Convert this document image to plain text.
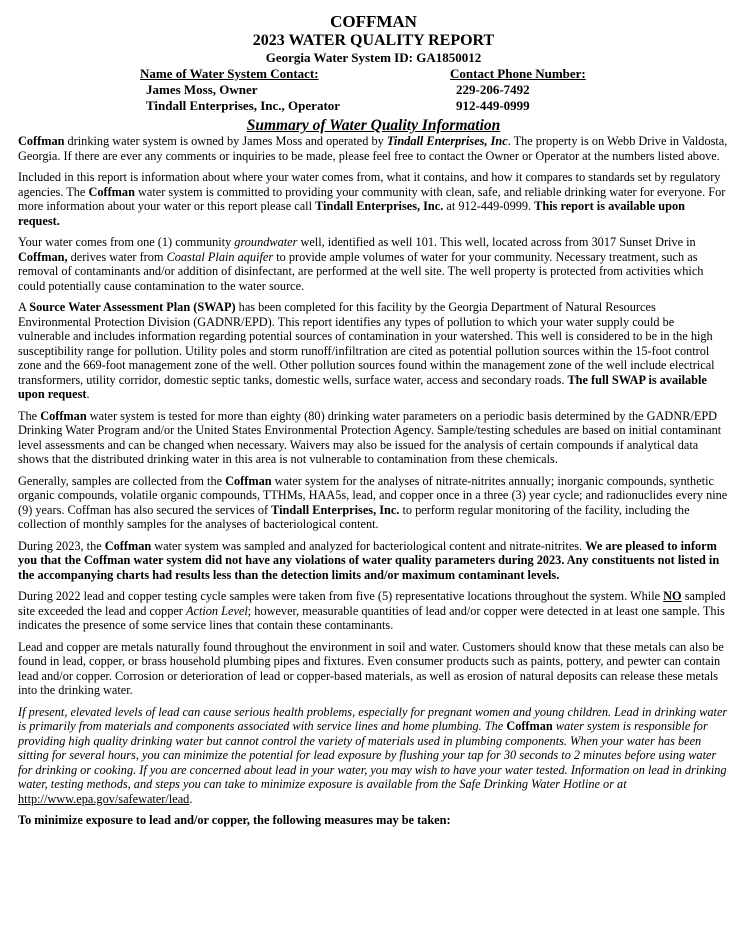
COFFMAN
2023 WATER QUALITY REPORT
Georgia Water System ID: GA1850012
Name of Water System Contact:	Contact Phone Number:
James Moss, Owner	229-206-7492
Tindall Enterprises, Inc., Operator	912-449-0999
Summary of Water Quality Information

Coffman drinking water system is owned by James Moss and operated by Tindall Enterprises, Inc. The property is on Webb Drive in Valdosta, Georgia. If there are ever any comments or inquiries to be made, please feel free to contact the Owner or Operator at the numbers listed above.

Included in this report is information about where your water comes from, what it contains, and how it compares to standards set by regulatory agencies. The Coffman water system is committed to providing your community with clean, safe, and reliable drinking water for everyone. For more information about your water or this report please call Tindall Enterprises, Inc. at 912-449-0999. This report is available upon request.

Your water comes from one (1) community groundwater well, identified as well 101. This well, located across from 3017 Sunset Drive in Coffman, derives water from Coastal Plain aquifer to provide ample volumes of water for your community. Necessary treatment, such as removal of contaminants and/or addition of disinfectant, are performed at the well site. The well property is protected from activities which could potentially cause contamination to the water source.

A Source Water Assessment Plan (SWAP) has been completed for this facility by the Georgia Department of Natural Resources Environmental Protection Division (GADNR/EPD). This report identifies any types of pollution to which your water supply could be vulnerable and includes information regarding potential sources of contamination in your watershed. This well is considered to be in the high susceptibility range for pollution. Utility poles and storm runoff/infiltration are cited as potential pollution sources within the 15-foot control zone and the 669-foot management zone of the well. Other pollution sources found within the management zone of the well include electrical transformers, utility corridor, domestic septic tanks, domestic wells, surface water, access and secondary roads. The full SWAP is available upon request.

The Coffman water system is tested for more than eighty (80) drinking water parameters on a periodic basis determined by the GADNR/EPD Drinking Water Program and/or the United States Environmental Protection Agency. Sample/testing schedules are based on initial contaminant level assessments and can be changed when necessary. Waivers may also be issued for the analysis of certain compounds if analytical data shows that the distributed drinking water in this area is not vulnerable to contamination from these chemicals.

Generally, samples are collected from the Coffman water system for the analyses of nitrate-nitrites annually; inorganic compounds, synthetic organic compounds, volatile organic compounds, TTHMs, HAA5s, lead, and copper once in a three (3) year cycle; and radionuclides every nine (9) years. Coffman has also secured the services of Tindall Enterprises, Inc. to perform regular monitoring of the facility, including the collection of monthly samples for the analyses of bacteriological content.

During 2023, the Coffman water system was sampled and analyzed for bacteriological content and nitrate-nitrites. We are pleased to inform you that the Coffman water system did not have any violations of water quality parameters during 2023. Any constituents not listed in the accompanying charts had results less than the detection limits and/or maximum contaminant levels.

During 2022 lead and copper testing cycle samples were taken from five (5) representative locations throughout the system. While NO sampled site exceeded the lead and copper Action Level; however, measurable quantities of lead and/or copper were detected in at least one sample. This indicates the presence of some service lines that contain these contaminants.

Lead and copper are metals naturally found throughout the environment in soil and water. Customers should know that these metals can also be found in lead, copper, or brass household plumbing pipes and fixtures. Even consumer products such as paints, pottery, and pewter can contain lead and/or copper. Corrosion or deterioration of lead or copper-based materials, as well as erosion of natural deposits can release these metals into the drinking water.

If present, elevated levels of lead can cause serious health problems, especially for pregnant women and young children. Lead in drinking water is primarily from materials and components associated with service lines and home plumbing. The Coffman water system is responsible for providing high quality drinking water but cannot control the variety of materials used in plumbing components. When your water has been sitting for several hours, you can minimize the potential for lead exposure by flushing your tap for 30 seconds to 2 minutes before using water for drinking or cooking. If you are concerned about lead in your water, you may wish to have your water tested. Information on lead in drinking water, testing methods, and steps you can take to minimize exposure is available from the Safe Drinking Water Hotline or at http://www.epa.gov/safewater/lead.

To minimize exposure to lead and/or copper, the following measures may be taken:
